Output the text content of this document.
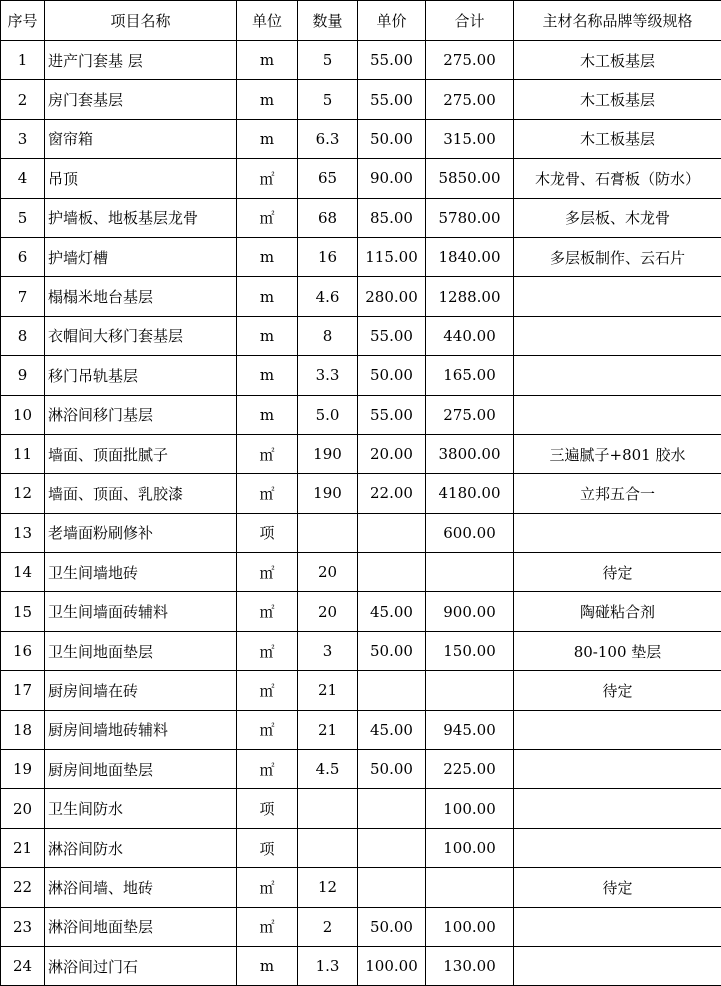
序号	项目名称	单位	数量	单价	合计	主材名称品牌等级规格
1	进产门套基 层	m	5	55.00	275.00	木工板基层
2	房门套基层	m	5	55.00	275.00	木工板基层
3	窗帘箱	m	6.3	50.00	315.00	木工板基层
4	吊顶	㎡	65	90.00	5850.00	木龙骨、石膏板（防水）
5	护墙板、地板基层龙骨	㎡	68	85.00	5780.00	多层板、木龙骨
6	护墙灯槽	m	16	115.00	1840.00	多层板制作、云石片
7	榻榻米地台基层	m	4.6	280.00	1288.00	
8	衣帽间大移门套基层	m	8	55.00	440.00	
9	移门吊轨基层	m	3.3	50.00	165.00	
10	淋浴间移门基层	m	5.0	55.00	275.00	
11	墙面、顶面批腻子	㎡	190	20.00	3800.00	三遍腻子+801 胶水
12	墙面、顶面、乳胶漆	㎡	190	22.00	4180.00	立邦五合一
13	老墙面粉刷修补	项			600.00	
14	卫生间墙地砖	㎡	20			待定
15	卫生间墙面砖辅料	㎡	20	45.00	900.00	陶碰粘合剂
16	卫生间地面垫层	㎡	3	50.00	150.00	80-100 垫层
17	厨房间墙在砖	㎡	21			待定
18	厨房间墙地砖辅料	㎡	21	45.00	945.00	
19	厨房间地面垫层	㎡	4.5	50.00	225.00	
20	卫生间防水	项			100.00	
21	淋浴间防水	项			100.00	
22	淋浴间墙、地砖	㎡	12			待定
23	淋浴间地面垫层	㎡	2	50.00	100.00	
24	淋浴间过门石	m	1.3	100.00	130.00	
